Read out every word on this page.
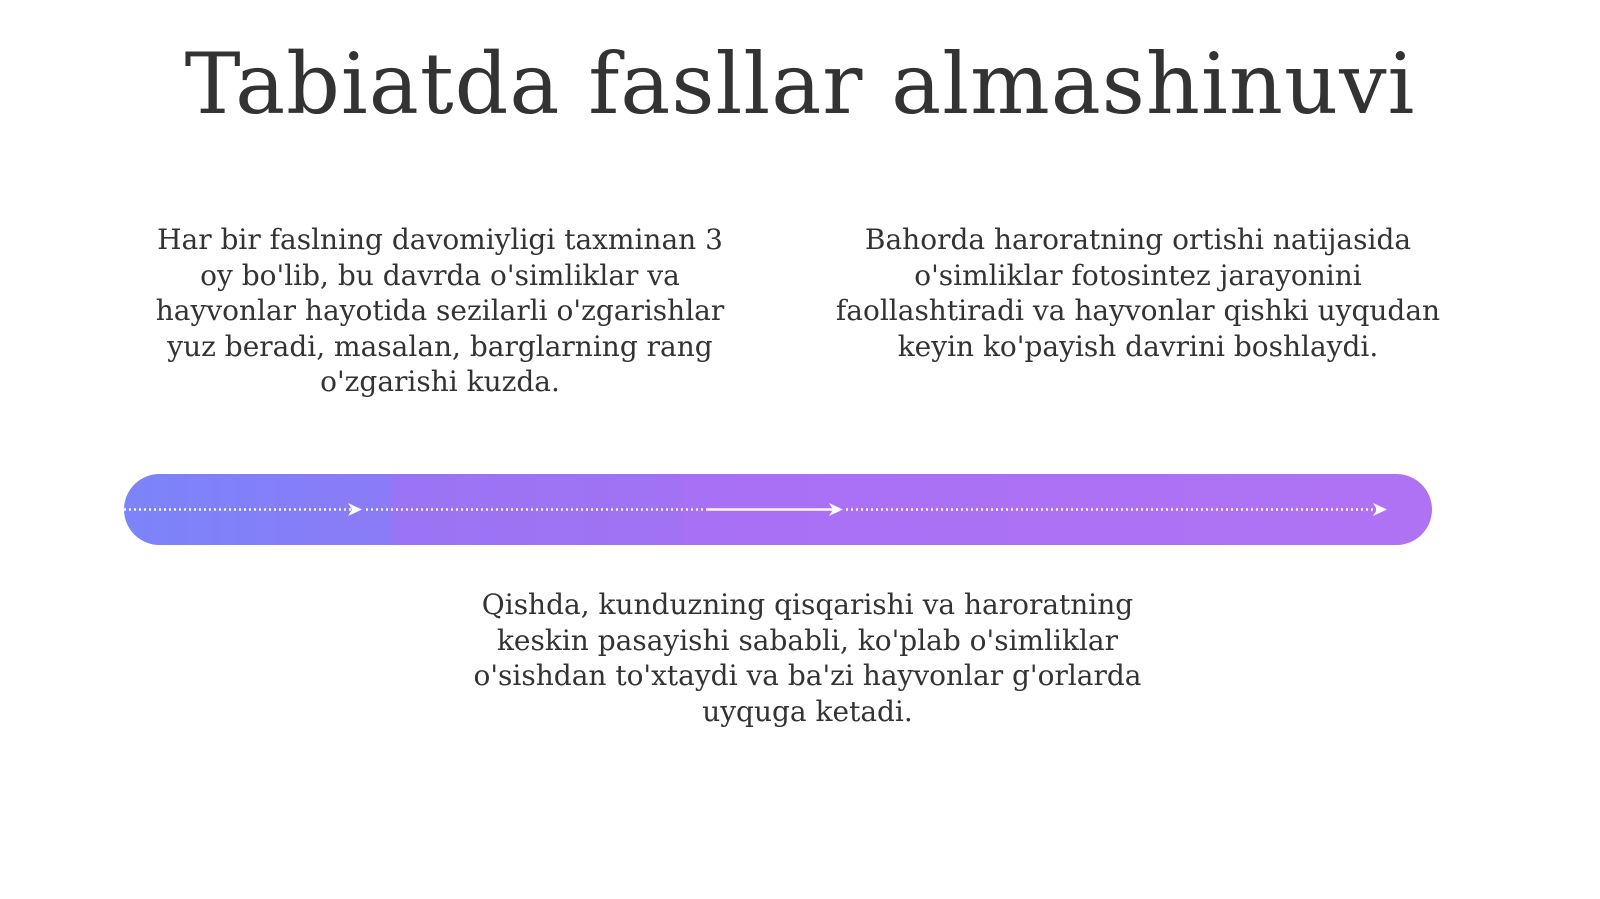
Tabiatda fasllar almashinuvi

Har bir faslning davomiyligi taxminan 3 oy bo'lib, bu davrda o'simliklar va hayvonlar hayotida sezilarli o'zgarishlar yuz beradi, masalan, barglarning rang o'zgarishi kuzda.

Bahorda haroratning ortishi natijasida o'simliklar fotosintez jarayonini faollashtiradi va hayvonlar qishki uyqudan keyin ko'payish davrini boshlaydi.

Qishda, kunduzning qisqarishi va haroratning keskin pasayishi sababli, ko'plab o'simliklar o'sishdan to'xtaydi va ba'zi hayvonlar g'orlarda uyquga ketadi.
